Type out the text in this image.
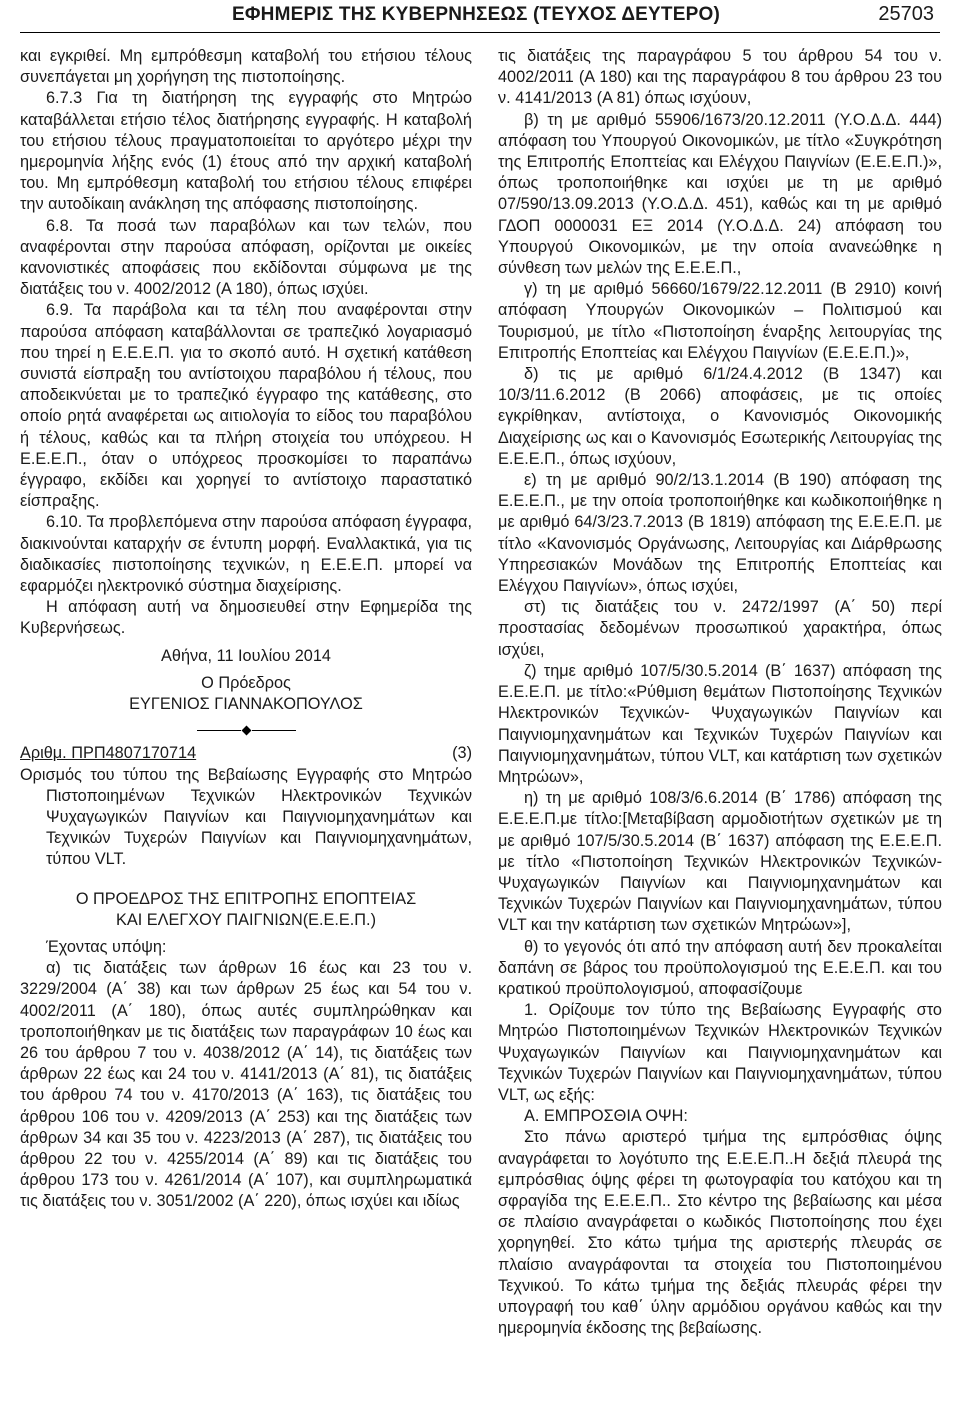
ΕΦΗΜΕΡΙΣ ΤΗΣ ΚΥΒΕΡΝΗΣΕΩΣ (ΤΕΥΧΟΣ ΔΕΥΤΕΡΟ)	25703

και εγκριθεί. Μη εμπρόθεσμη καταβολή του ετήσιου τέλους συνεπάγεται μη χορήγηση της πιστοποίησης.

6.7.3 Για τη διατήρηση της εγγραφής στο Μητρώο καταβάλλεται ετήσιο τέλος διατήρησης εγγραφής. Η καταβολή του ετήσιου τέλους πραγματοποιείται το αργότερο μέχρι την ημερομηνία λήξης ενός (1) έτους από την αρχική καταβολή του. Μη εμπρόθεσμη καταβολή του ετήσιου τέλους επιφέρει την αυτοδίκαιη ανάκληση της απόφασης πιστοποίησης.

6.8. Τα ποσά των παραβόλων και των τελών, που αναφέρονται στην παρούσα απόφαση, ορίζονται με οικείες κανονιστικές αποφάσεις που εκδίδονται σύμφωνα με της διατάξεις του ν. 4002/2012 (Α 180), όπως ισχύει.

6.9. Τα παράβολα και τα τέλη που αναφέρονται στην παρούσα απόφαση καταβάλλονται σε τραπεζικό λογαριασμό που τηρεί η Ε.Ε.Ε.Π. για το σκοπό αυτό. Η σχετική κατάθεση συνιστά είσπραξη του αντίστοιχου παραβόλου ή τέλους, που αποδεικνύεται με το τραπεζικό έγγραφο της κατάθεσης, στο οποίο ρητά αναφέρεται ως αιτιολογία το είδος του παραβόλου ή τέλους, καθώς και τα πλήρη στοιχεία του υπόχρεου. Η Ε.Ε.Ε.Π., όταν ο υπόχρεος προσκομίσει το παραπάνω έγγραφο, εκδίδει και χορηγεί το αντίστοιχο παραστατικό είσπραξης.

6.10. Τα προβλεπόμενα στην παρούσα απόφαση έγγραφα, διακινούνται καταρχήν σε έντυπη μορφή. Εναλλακτικά, για τις διαδικασίες πιστοποίησης τεχνικών, η Ε.Ε.Ε.Π. μπορεί να εφαρμόζει ηλεκτρονικό σύστημα διαχείρισης.

Η απόφαση αυτή να δημοσιευθεί στην Εφημερίδα της Κυβερνήσεως.

Αθήνα, 11 Ιουλίου 2014

Ο Πρόεδρος

ΕΥΓΕΝΙΟΣ ΓΙΑΝΝΑΚΟΠΟΥΛΟΣ

Αριθμ. ΠΡΠ4807170714	(3)

Ορισμός του τύπου της Βεβαίωσης Εγγραφής στο Μητρώο Πιστοποιημένων Τεχνικών Ηλεκτρονικών Τεχνικών Ψυχαγωγικών Παιγνίων και Παιγνιομηχανημάτων και Τεχνικών Τυχερών Παιγνίων και Παιγνιομηχανημάτων, τύπου VLT.

Ο ΠΡΟΕΔΡΟΣ ΤΗΣ ΕΠΙΤΡΟΠΗΣ ΕΠΟΠΤΕΙΑΣ

ΚΑΙ ΕΛΕΓΧΟΥ ΠΑΙΓΝΙΩΝ(Ε.Ε.Ε.Π.)

Έχοντας υπόψη:

α) τις διατάξεις των άρθρων 16 έως και 23 του ν. 3229/2004 (Α΄ 38) και των άρθρων 25 έως και 54 του ν. 4002/2011 (Α΄ 180), όπως αυτές συμπληρώθηκαν και τροποποιήθηκαν με τις διατάξεις των παραγράφων 10 έως και 26 του άρθρου 7 του ν. 4038/2012 (Α΄ 14), τις διατάξεις των άρθρων 22 έως και 24 του ν. 4141/2013 (Α΄ 81), τις διατάξεις του άρθρου 74 του ν. 4170/2013 (Α΄ 163), τις διατάξεις του άρθρου 106 του ν. 4209/2013 (Α΄ 253) και της διατάξεις των άρθρων 34 και 35 του ν. 4223/2013 (Α΄ 287), τις διατάξεις του άρθρου 22 του ν. 4255/2014 (Α΄ 89) και τις διατάξεις του άρθρου 173 του ν. 4261/2014 (Α΄ 107), και συμπληρωματικά τις διατάξεις του ν. 3051/2002 (Α΄ 220), όπως ισχύει και ιδίως

τις διατάξεις της παραγράφου 5 του άρθρου 54 του ν. 4002/2011 (Α 180) και της παραγράφου 8 του άρθρου 23 του ν. 4141/2013 (Α 81) όπως ισχύουν,

β) τη με αριθμό 55906/1673/20.12.2011 (Υ.Ο.Δ.Δ. 444) απόφαση του Υπουργού Οικονομικών, με τίτλο «Συγκρότηση της Επιτροπής Εποπτείας και Ελέγχου Παιγνίων (Ε.Ε.Ε.Π.)», όπως τροποποιήθηκε και ισχύει με τη με αριθμό 07/590/13.09.2013 (Υ.Ο.Δ.Δ. 451), καθώς και τη με αριθμό ΓΔΟΠ 0000031 ΕΞ 2014 (Υ.Ο.Δ.Δ. 24) απόφαση του Υπουργού Οικονομικών, με την οποία ανανεώθηκε η σύνθεση των μελών της Ε.Ε.Ε.Π.,

γ) τη με αριθμό 56660/1679/22.12.2011 (Β 2910) κοινή απόφαση Υπουργών Οικονομικών – Πολιτισμού και Τουρισμού, με τίτλο «Πιστοποίηση έναρξης λειτουργίας της Επιτροπής Εποπτείας και Ελέγχου Παιγνίων (Ε.Ε.Ε.Π.)»,

δ) τις με αριθμό 6/1/24.4.2012 (Β 1347) και 10/3/11.6.2012 (Β 2066) αποφάσεις, με τις οποίες εγκρίθηκαν, αντίστοιχα, ο Κανονισμός Οικονομικής Διαχείρισης ως και ο Κανονισμός Εσωτερικής Λειτουργίας της Ε.Ε.Ε.Π., όπως ισχύουν,

ε) τη με αριθμό 90/2/13.1.2014 (Β 190) απόφαση της Ε.Ε.Ε.Π., με την οποία τροποποιήθηκε και κωδικοποιήθηκε η με αριθμό 64/3/23.7.2013 (Β 1819) απόφαση της Ε.Ε.Ε.Π. με τίτλο «Κανονισμός Οργάνωσης, Λειτουργίας και Διάρθρωσης Υπηρεσιακών Μονάδων της Επιτροπής Εποπτείας και Ελέγχου Παιγνίων», όπως ισχύει,

στ) τις διατάξεις του ν. 2472/1997 (Α΄ 50) περί προστασίας δεδομένων προσωπικού χαρακτήρα, όπως ισχύει,

ζ) τημε αριθμό 107/5/30.5.2014 (Β΄ 1637) απόφαση της Ε.Ε.Ε.Π. με τίτλο:«Ρύθμιση θεμάτων Πιστοποίησης Τεχνικών Ηλεκτρονικών Τεχνικών- Ψυχαγωγικών Παιγνίων και Παιγνιομηχανημάτων και Τεχνικών Τυχερών Παιγνίων και Παιγνιομηχανημάτων, τύπου VLT, και κατάρτιση των σχετικών Μητρώων»,

η) τη με αριθμό 108/3/6.6.2014 (Β΄ 1786) απόφαση της Ε.Ε.Ε.Π.με τίτλο:[Μεταβίβαση αρμοδιοτήτων σχετικών με τη με αριθμό 107/5/30.5.2014 (Β΄ 1637) απόφαση της Ε.Ε.Ε.Π. με τίτλο «Πιστοποίηση Τεχνικών Ηλεκτρονικών Τεχνικών-Ψυχαγωγικών Παιγνίων και Παιγνιομηχανημάτων και Τεχνικών Τυχερών Παιγνίων και Παιγνιομηχανημάτων, τύπου VLT και την κατάρτιση των σχετικών Μητρώων»],

θ) το γεγονός ότι από την απόφαση αυτή δεν προκαλείται δαπάνη σε βάρος του προϋπολογισμού της Ε.Ε.Ε.Π. και του κρατικού προϋπολογισμού, αποφασίζουμε

1. Ορίζουμε τον τύπο της Βεβαίωσης Εγγραφής στο Μητρώο Πιστοποιημένων Τεχνικών Ηλεκτρονικών Τεχνικών Ψυχαγωγικών Παιγνίων και Παιγνιομηχανημάτων και Τεχνικών Τυχερών Παιγνίων και Παιγνιομηχανημάτων, τύπου VLT, ως εξής:

Α. ΕΜΠΡΟΣΘΙΑ ΟΨΗ:

Στο πάνω αριστερό τμήμα της εμπρόσθιας όψης αναγράφεται το λογότυπο της Ε.Ε.Ε.Π..Η δεξιά πλευρά της εμπρόσθιας όψης φέρει τη φωτογραφία του κατόχου και τη σφραγίδα της Ε.Ε.Ε.Π.. Στο κέντρο της βεβαίωσης και μέσα σε πλαίσιο αναγράφεται ο κωδικός Πιστοποίησης που έχει χορηγηθεί. Στο κάτω τμήμα της αριστερής πλευράς σε πλαίσιο αναγράφονται τα στοιχεία του Πιστοποιημένου Τεχνικού. Το κάτω τμήμα της δεξιάς πλευράς φέρει την υπογραφή του καθ΄ ύλην αρμόδιου οργάνου καθώς και την ημερομηνία έκδοσης της βεβαίωσης.
